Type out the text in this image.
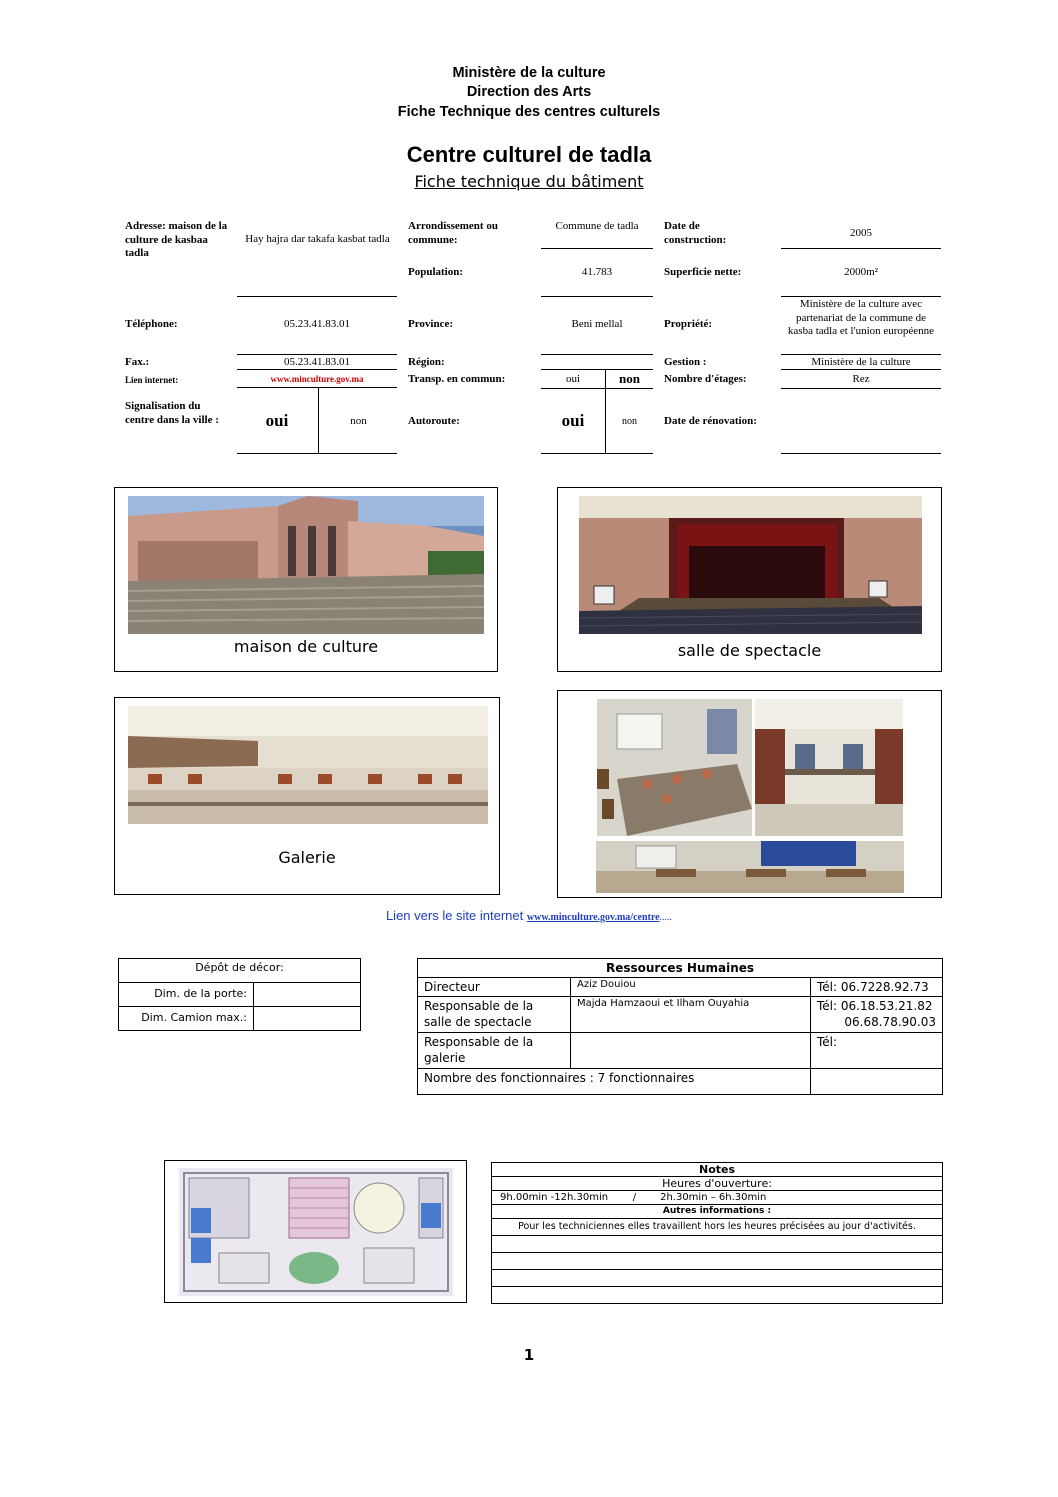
Ministère de la culture
Direction des Arts
Fiche Technique des centres culturels
Centre culturel de tadla
Fiche technique du bâtiment
Adresse: maison de la culture de kasbaa tadla
Hay hajra dar takafa kasbat tadla
Téléphone:	05.23.41.83.01
Fax.:	05.23.41.83.01
Lien internet:	www.minculture.gov.ma
Signalisation du centre dans la ville :	oui	non
Arrondissement ou commune:
Commune de tadla
Population:	41.783
Province:	Beni mellal
Région:
Transp. en commun:	oui	non
Autoroute:	oui	non
Date de construction:
2005
Superficie nette:	2000m²
Propriété:
Ministère de la culture avec partenariat de la commune de kasba tadla et l'union européenne
Gestion :	Ministère de la culture
Nombre d'étages:	Rez
Date de rénovation:
maison de culture	salle de spectacle
Galerie
Lien vers le site internet www.minculture.gov.ma/centre.....
Dépôt de décor:	
Dim. de la porte:	
Dim. Camion max.:	
Ressources Humaines		
Directeur	Aziz Douiou	Tél: 06.7228.92.73
Responsable de la salle de spectacle	Majda Hamzaoui et Ilham Ouyahia	Tél: 06.18.53.21.82
06.68.78.90.03

Responsable de la galerie		Tél:
Nombre des fonctionnaires : 7 fonctionnaires		
Notes
Heures d'ouverture:
9h.00min -12h.30min / 2h.30min – 6h.30min
Autres informations :
Pour les techniciennes elles travaillent hors les heures précisées au jour d'activités.

1
